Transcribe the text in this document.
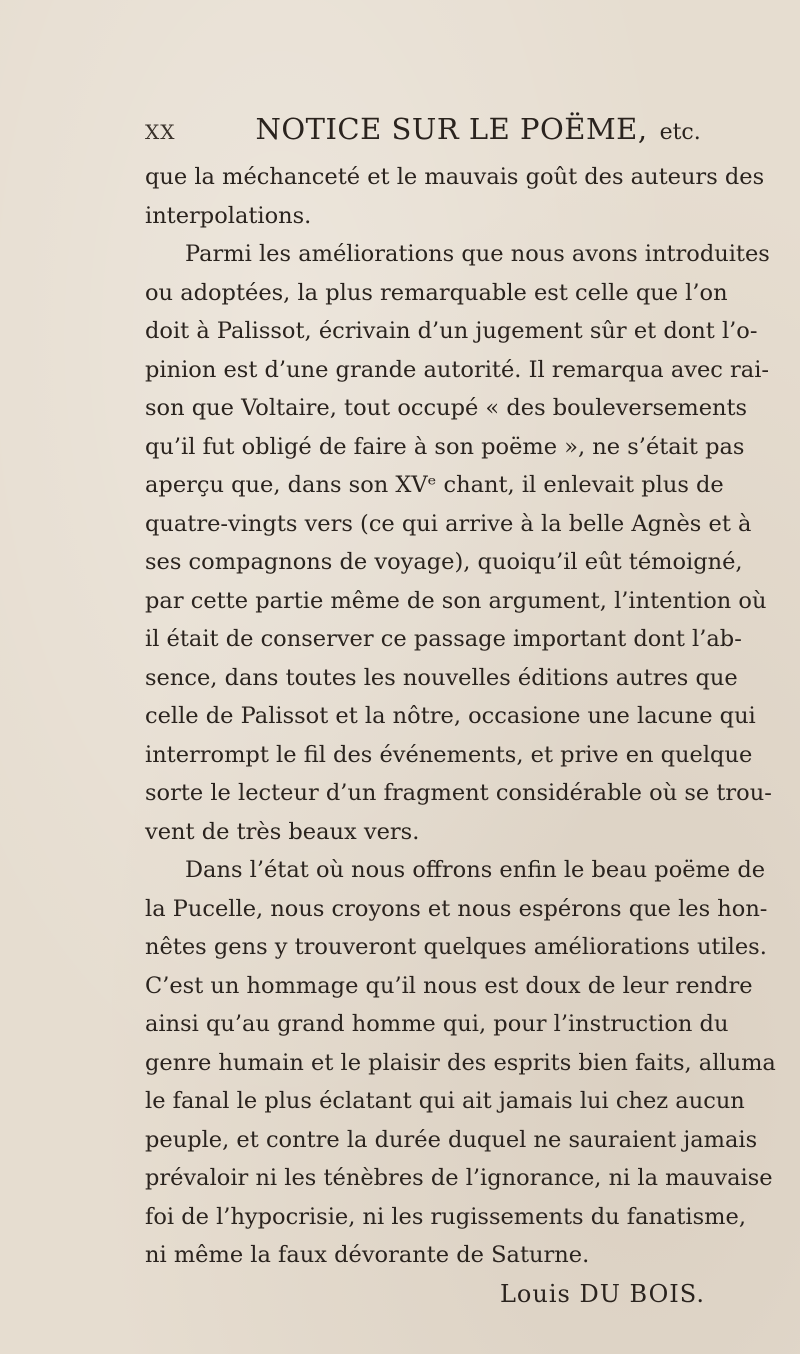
XX	NOTICE SUR LE POËME, etc.
que la méchanceté et le mauvais goût des auteurs des
interpolations.
Parmi les améliorations que nous avons introduites
ou adoptées, la plus remarquable est celle que l’on
doit à Palissot, écrivain d’un jugement sûr et dont l’o-
pinion est d’une grande autorité. Il remarqua avec rai-
son que Voltaire, tout occupé « des bouleversements
qu’il fut obligé de faire à son poëme », ne s’était pas
aperçu que, dans son XVᵉ chant, il enlevait plus de
quatre-vingts vers (ce qui arrive à la belle Agnès et à
ses compagnons de voyage), quoiqu’il eût témoigné,
par cette partie même de son argument, l’intention où
il était de conserver ce passage important dont l’ab-
sence, dans toutes les nouvelles éditions autres que
celle de Palissot et la nôtre, occasione une lacune qui
interrompt le fil des événements, et prive en quelque
sorte le lecteur d’un fragment considérable où se trou-
vent de très beaux vers.
Dans l’état où nous offrons enfin le beau poëme de
la Pucelle, nous croyons et nous espérons que les hon-
nêtes gens y trouveront quelques améliorations utiles.
C’est un hommage qu’il nous est doux de leur rendre
ainsi qu’au grand homme qui, pour l’instruction du
genre humain et le plaisir des esprits bien faits, alluma
le fanal le plus éclatant qui ait jamais lui chez aucun
peuple, et contre la durée duquel ne sauraient jamais
prévaloir ni les ténèbres de l’ignorance, ni la mauvaise
foi de l’hypocrisie, ni les rugissements du fanatisme,
ni même la faux dévorante de Saturne.
Louis DU BOIS.
